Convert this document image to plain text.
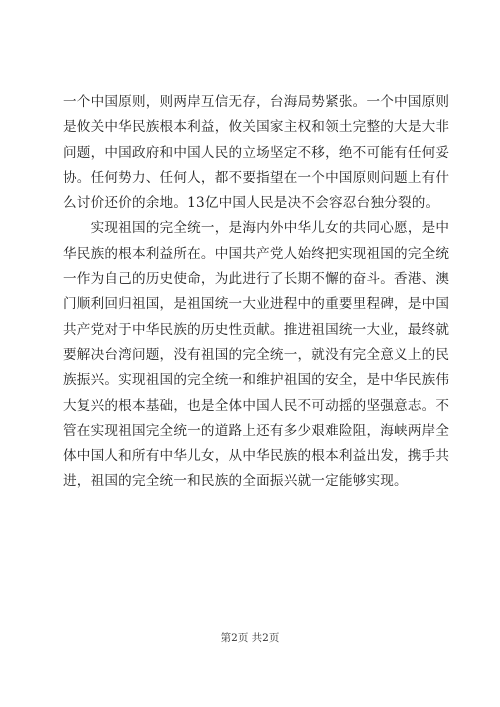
一个中国原则，则两岸互信无存，台海局势紧张。一个中国原则
是攸关中华民族根本利益，攸关国家主权和领土完整的大是大非
问题，中国政府和中国人民的立场坚定不移，绝不可能有任何妥
协。任何势力、任何人，都不要指望在一个中国原则问题上有什
么讨价还价的余地。13亿中国人民是决不会容忍台独分裂的。
　　实现祖国的完全统一，是海内外中华儿女的共同心愿，是中
华民族的根本利益所在。中国共产党人始终把实现祖国的完全统
一作为自己的历史使命，为此进行了长期不懈的奋斗。香港、澳
门顺利回归祖国，是祖国统一大业进程中的重要里程碑，是中国
共产党对于中华民族的历史性贡献。推进祖国统一大业，最终就
要解决台湾问题，没有祖国的完全统一，就没有完全意义上的民
族振兴。实现祖国的完全统一和维护祖国的安全，是中华民族伟
大复兴的根本基础，也是全体中国人民不可动摇的坚强意志。不
管在实现祖国完全统一的道路上还有多少艰难险阻，海峡两岸全
体中国人和所有中华儿女，从中华民族的根本利益出发，携手共
进，祖国的完全统一和民族的全面振兴就一定能够实现。
第2页 共2页
